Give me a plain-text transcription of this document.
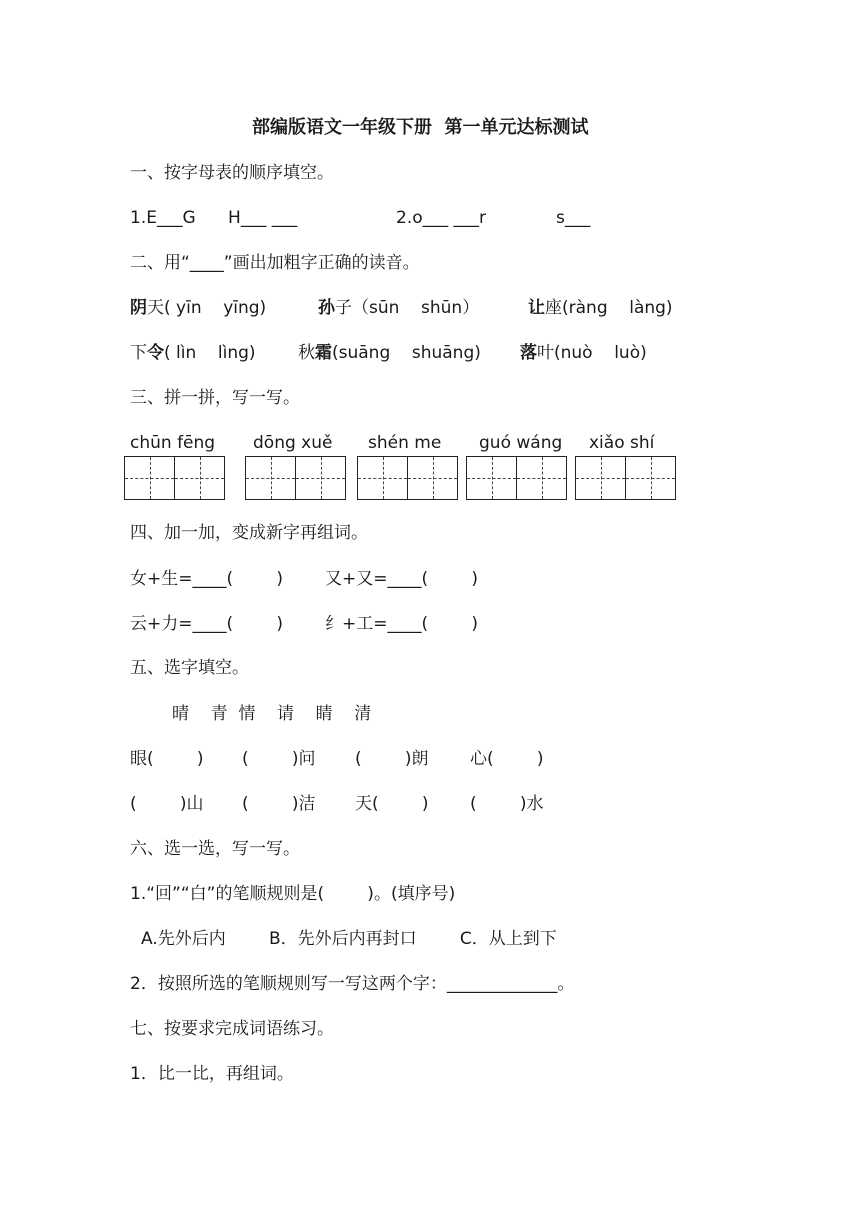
部编版语文一年级下册  第一单元达标测试
一、按字母表的顺序填空。
1.E___G      H___ ___	2.o___ ___r	s___
二、用“____”画出加粗字正确的读音。
阴天( yīn    yīng)	孙子（sūn    shūn）	让座(ràng    làng)
下令( lìn    lìng) 秋霜(suāng    shuāng) 落叶(nuò    luò)
三、拼一拼，写一写。
chūn fēng dōng xuě shén me guó wáng xiǎo shí
四、加一加，变成新字再组词。
女+生=____(        ) 又+又=____(        )
云+力=____(        ) 纟+工=____(        )
五、选字填空。
晴    青  情    请    睛    清
眼(        ) (        )问 (        )朗 心(        )
(        )山 (        )洁 天(        ) (        )水
六、选一选，写一写。
1.“回”“白”的笔顺规则是(        )。(填序号)
A.先外后内        B．先外后内再封口        C．从上到下
2．按照所选的笔顺规则写一写这两个字：_____________。
七、按要求完成词语练习。
1．比一比，再组词。
